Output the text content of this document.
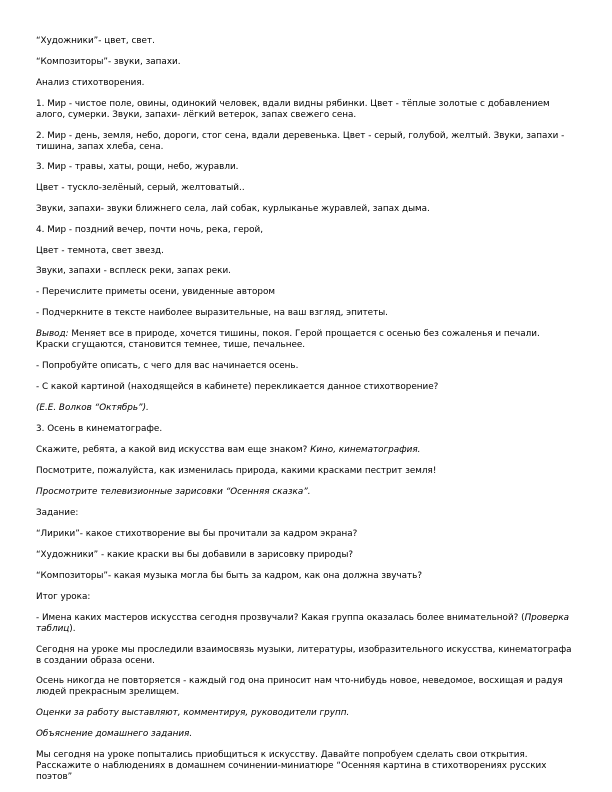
“Художники”- цвет, свет.

“Композиторы”- звуки, запахи.

Анализ стихотворения.

1. Мир - чистое поле, овины, одинокий человек, вдали видны рябинки. Цвет - тёплые золотые с добавлением
алого, сумерки. Звуки, запахи- лёгкий ветерок, запах свежего сена.
2. Мир - день, земля, небо, дороги, стог сена, вдали деревенька. Цвет - серый, голубой, желтый. Звуки, запахи -
тишина, запах хлеба, сена.

3. Мир - травы, хаты, рощи, небо, журавли.

Цвет - тускло-зелёный, серый, желтоватый..

Звуки, запахи- звуки ближнего села, лай собак, курлыканье журавлей, запах дыма.

4. Мир - поздний вечер, почти ночь, река, герой,

Цвет - темнота, свет звезд.

Звуки, запахи - всплеск реки, запах реки.

- Перечислите приметы осени, увиденные автором

- Подчеркните в тексте наиболее выразительные, на ваш взгляд, эпитеты.

Вывод: Меняет все в природе, хочется тишины, покоя. Герой прощается с осенью без сожаленья и печали.
Краски сгущаются, становится темнее, тише, печальнее.

- Попробуйте описать, с чего для вас начинается осень.

- С какой картиной (находящейся в кабинете) перекликается данное стихотворение?

(Е.Е. Волков “Октябрь”).

3. Осень в кинематографе.

Скажите, ребята, а какой вид искусства вам еще знаком? Кино, кинематография.

Посмотрите, пожалуйста, как изменилась природа, какими красками пестрит земля!

Просмотрите телевизионные зарисовки “Осенняя сказка”.

Задание:

“Лирики”- какое стихотворение вы бы прочитали за кадром экрана?

“Художники” - какие краски вы бы добавили в зарисовку природы?

“Композиторы”- какая музыка могла бы быть за кадром, как она должна звучать?

Итог урока:

- Имена каких мастеров искусства сегодня прозвучали? Какая группа оказалась более внимательной? (Проверка
таблиц).
Сегодня на уроке мы проследили взаимосвязь музыки, литературы, изобразительного искусства, кинематографа
в создании образа осени.
Осень никогда не повторяется - каждый год она приносит нам что-нибудь новое, неведомое, восхищая и радуя
людей прекрасным зрелищем.

Оценки за работу выставляют, комментируя, руководители групп.

Объяснение домашнего задания.

Мы сегодня на уроке попытались приобщиться к искусству. Давайте попробуем сделать свои открытия.
Расскажите о наблюдениях в домашнем сочинении-миниатюре “Осенняя картина в стихотворениях русских
поэтов”
